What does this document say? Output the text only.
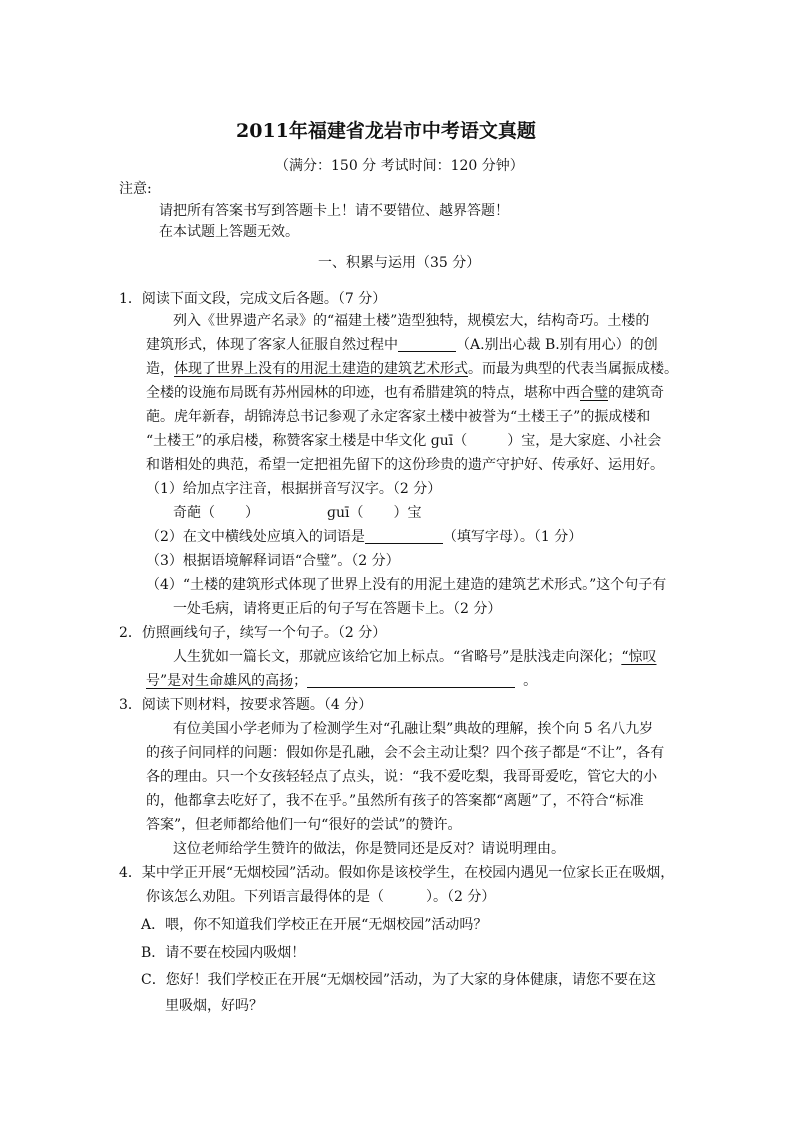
2011年福建省龙岩市中考语文真题
（满分：150 分 考试时间：120 分钟）
注意:
请把所有答案书写到答题卡上！请不要错位、越界答题！
在本试题上答题无效。
一、积累与运用（35 分）
1．阅读下面文段，完成文后各题。（7 分）
列入《世界遗产名录》的“福建土楼”造型独特，规模宏大，结构奇巧。土楼的
建筑形式，体现了客家人征服自然过程中	（A.别出心裁 B.别有用心）的创
造，体现了世界上没有的用泥土建造的建筑艺术形式。而最为典型的代表当属振成楼。
全楼的设施布局既有苏州园林的印迹，也有希腊建筑的特点，堪称中西合璧的建筑奇
葩。虎年新春，胡锦涛总书记参观了永定客家土楼中被誉为“土楼王子”的振成楼和
“土楼王”的承启楼，称赞客家土楼是中华文化 ɡuī（	）宝，是大家庭、小社会
和谐相处的典范，希望一定把祖先留下的这份珍贵的遗产守护好、传承好、运用好。
（1）给加点字注音，根据拼音写汉字。（2 分）
奇葩（ ）	ɡuī（ ）宝
（2）在文中横线处应填入的词语是	（填写字母）。（1 分）
（3）根据语境解释词语“合璧”。（2 分）
（4）“土楼的建筑形式体现了世界上没有的用泥土建造的建筑艺术形式。”这个句子有
一处毛病，请将更正后的句子写在答题卡上。（2 分）
2．仿照画线句子，续写一个句子。（2 分）
人生犹如一篇长文，那就应该给它加上标点。“省略号”是肤浅走向深化；“惊叹
号”是对生命雄风的高扬；	。
3．阅读下则材料，按要求答题。（4 分）
有位美国小学老师为了检测学生对“孔融让梨”典故的理解，挨个向 5 名八九岁
的孩子问同样的问题：假如你是孔融，会不会主动让梨？四个孩子都是“不让”，各有
各的理由。只一个女孩轻轻点了点头，说：“我不爱吃梨，我哥哥爱吃，管它大的小
的，他都拿去吃好了，我不在乎。”虽然所有孩子的答案都“离题”了，不符合“标准
答案”，但老师都给他们一句“很好的尝试”的赞许。
这位老师给学生赞许的做法，你是赞同还是反对？请说明理由。
4．某中学正开展“无烟校园”活动。假如你是该校学生，在校园内遇见一位家长正在吸烟，
你该怎么劝阻。下列语言最得体的是（	）。（2 分）
A．喂，你不知道我们学校正在开展“无烟校园”活动吗？
B．请不要在校园内吸烟！
C．您好！我们学校正在开展“无烟校园”活动，为了大家的身体健康，请您不要在这
里吸烟，好吗？
